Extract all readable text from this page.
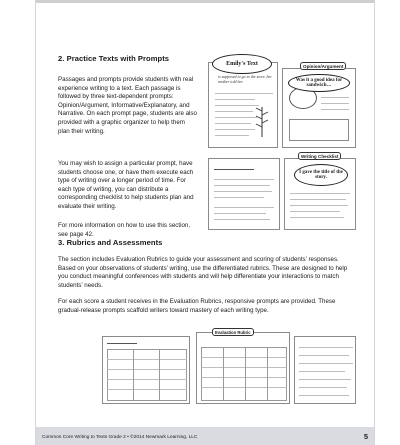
2. Practice Texts with Prompts
Passages and prompts provide students with real experience writing to a text. Each passage is followed by three text-dependent prompts: Opinion/Argument, Informative/Explanatory, and Narrative. On each prompt page, students are also provided with a graphic organizer to help them plan their writing.
You may wish to assign a particular prompt, have students choose one, or have them execute each type of writing over a longer period of time. For each type of writing, you can distribute a corresponding checklist to help students plan and evaluate their writing.
For more information on how to use this section, see page 42.
Emily's Text
is supposed to go to the store, her mother told her.
Opinion/Argument
Was it a good idea for sandwich…
Writing Checklist
I gave the title of the story.
3. Rubrics and Assessments
The section includes Evaluation Rubrics to guide your assessment and scoring of students’ responses. Based on your observations of students’ writing, use the differentiated rubrics. These are designed to help you conduct meaningful conferences with students and will help differentiate your interactions to match students’ needs.
For each score a student receives in the Evaluation Rubrics, responsive prompts are provided. These gradual-release prompts scaffold writers toward mastery of each writing type.
Evaluation Rubric
Common Core Writing to Texts Grade 2 • ©2014 Newmark Learning, LLC	5
